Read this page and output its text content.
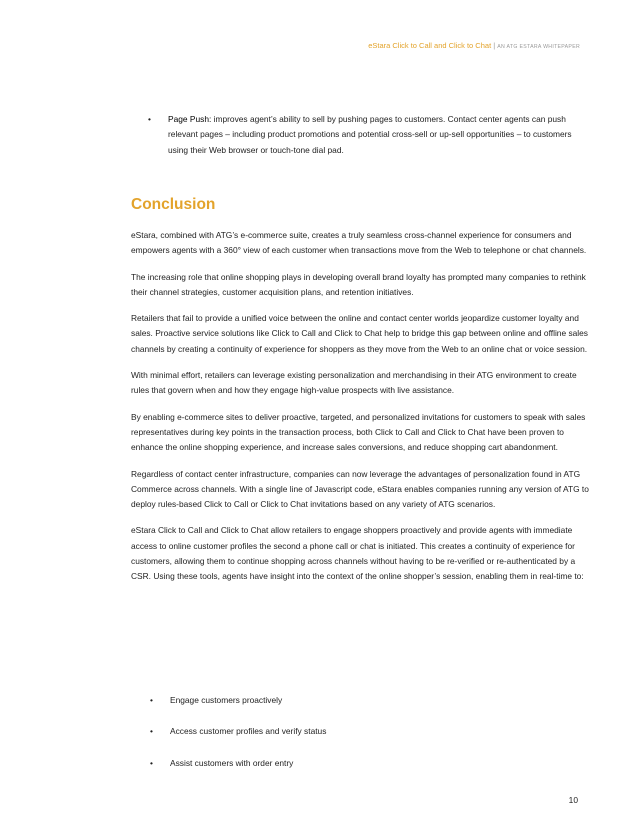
eStara Click to Call and Click to Chat | AN ATG ESTARA WHITEPAPER
• Page Push: improves agent’s ability to sell by pushing pages to customers. Contact center agents can push relevant pages – including product promotions and potential cross-sell or up-sell opportunities – to customers using their Web browser or touch-tone dial pad.
Conclusion

eStara, combined with ATG’s e-commerce suite, creates a truly seamless cross-channel experience for consumers and empowers agents with a 360° view of each customer when transactions move from the Web to telephone or chat channels.

The increasing role that online shopping plays in developing overall brand loyalty has prompted many companies to rethink their channel strategies, customer acquisition plans, and retention initiatives.

Retailers that fail to provide a unified voice between the online and contact center worlds jeopardize customer loyalty and sales. Proactive service solutions like Click to Call and Click to Chat help to bridge this gap between online and offline sales channels by creating a continuity of experience for shoppers as they move from the Web to an online chat or voice session.

With minimal effort, retailers can leverage existing personalization and merchandising in their ATG environment to create rules that govern when and how they engage high-value prospects with live assistance.

By enabling e-commerce sites to deliver proactive, targeted, and personalized invitations for customers to speak with sales representatives during key points in the transaction process, both Click to Call and Click to Chat have been proven to enhance the online shopping experience, and increase sales conversions, and reduce shopping cart abandonment.

Regardless of contact center infrastructure, companies can now leverage the advantages of personalization found in ATG Commerce across channels. With a single line of Javascript code, eStara enables companies running any version of ATG to deploy rules-based Click to Call or Click to Chat invitations based on any variety of ATG scenarios.

eStara Click to Call and Click to Chat allow retailers to engage shoppers proactively and provide agents with immediate access to online customer profiles the second a phone call or chat is initiated. This creates a continuity of experience for customers, allowing them to continue shopping across channels without having to be re-verified or re-authenticated by a CSR. Using these tools, agents have insight into the context of the online shopper’s session, enabling them in real-time to:

• Engage customers proactively
• Access customer profiles and verify status
• Assist customers with order entry
10
